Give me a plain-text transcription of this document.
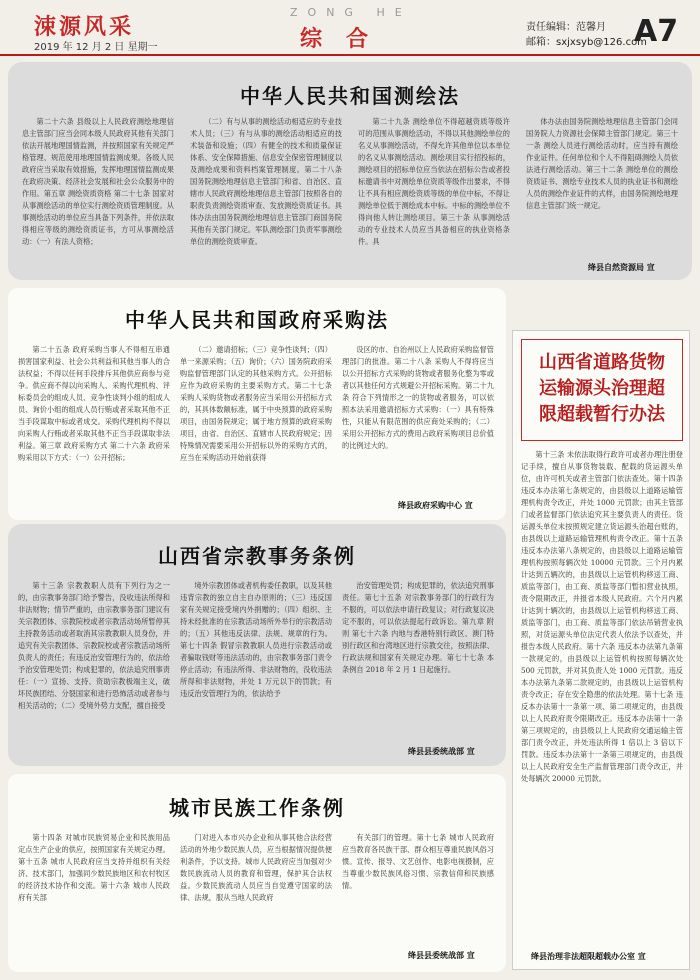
涑源风采
2019 年 12 月 2 日 星期一
ZONG HE
综合	责任编辑：范馨月
邮箱：sxjxsyb@126.com
A7
中华人民共和国测绘法

第二十六条 县级以上人民政府测绘地理信息主管部门应当会同本级人民政府其他有关部门依法开展地理国情监测，并按照国家有关规定严格管理、规范使用地理国情监测成果。各级人民政府应当采取有效措施，发挥地理国情监测成果在政府决策、经济社会发展和社会公众服务中的作用。第五章 测绘资质资格 第二十七条 国家对从事测绘活动的单位实行测绘资质管理制度。从事测绘活动的单位应当具备下列条件，并依法取得相应等级的测绘资质证书，方可从事测绘活动：（一）有法人资格；

（二）有与从事的测绘活动相适应的专业技术人员；（三）有与从事的测绘活动相适应的技术装备和设施；（四）有健全的技术和质量保证体系、安全保障措施、信息安全保密管理制度以及测绘成果和资料档案管理制度。第二十八条 国务院测绘地理信息主管部门和省、自治区、直辖市人民政府测绘地理信息主管部门按照各自的职责负责测绘资质审查、发放测绘资质证书。具体办法由国务院测绘地理信息主管部门商国务院其他有关部门规定。军队测绘部门负责军事测绘单位的测绘资质审查。

第二十九条 测绘单位不得超越资质等级许可的范围从事测绘活动，不得以其他测绘单位的名义从事测绘活动，不得允许其他单位以本单位的名义从事测绘活动。测绘项目实行招投标的，测绘项目的招标单位应当依法在招标公告或者投标邀请书中对测绘单位资质等级作出要求，不得让不具有相应测绘资质等级的单位中标，不得让测绘单位低于测绘成本中标。中标的测绘单位不得向他人转让测绘项目。第三十条 从事测绘活动的专业技术人员应当具备相应的执业资格条件。具

体办法由国务院测绘地理信息主管部门会同国务院人力资源社会保障主管部门规定。第三十一条 测绘人员进行测绘活动时，应当持有测绘作业证件。任何单位和个人不得阻碍测绘人员依法进行测绘活动。第三十二条 测绘单位的测绘资质证书、测绘专业技术人员的执业证书和测绘人员的测绘作业证件的式样，由国务院测绘地理信息主管部门统一规定。

绛县自然资源局 宣
中华人民共和国政府采购法

第二十五条 政府采购当事人不得相互串通损害国家利益、社会公共利益和其他当事人的合法权益；不得以任何手段排斥其他供应商参与竞争。供应商不得以向采购人、采购代理机构、评标委员会的组成人员、竞争性谈判小组的组成人员、询价小组的组成人员行贿或者采取其他不正当手段谋取中标或者成交。采购代理机构不得以向采购人行贿或者采取其他不正当手段谋取非法利益。第三章 政府采购方式 第二十六条 政府采购采用以下方式：（一）公开招标；

（二）邀请招标；（三）竞争性谈判；（四）单一来源采购；（五）询价；（六）国务院政府采购监督管理部门认定的其他采购方式。公开招标应作为政府采购的主要采购方式。第二十七条 采购人采购货物或者服务应当采用公开招标方式的，其具体数额标准，属于中央预算的政府采购项目，由国务院规定；属于地方预算的政府采购项目，由省、自治区、直辖市人民政府规定；因特殊情况需要采用公开招标以外的采购方式的，应当在采购活动开始前获得

设区的市、自治州以上人民政府采购监督管理部门的批准。第二十八条 采购人不得将应当以公开招标方式采购的货物或者服务化整为零或者以其他任何方式规避公开招标采购。第二十九条 符合下列情形之一的货物或者服务，可以依照本法采用邀请招标方式采购：（一）具有特殊性，只能从有限范围的供应商处采购的；（二）采用公开招标方式的费用占政府采购项目总价值的比例过大的。

绛县政府采购中心 宣
山西省宗教事务条例

第十三条 宗教教职人员有下列行为之一的，由宗教事务部门给予警告，没收违法所得和非法财物；情节严重的，由宗教事务部门建议有关宗教团体、宗教院校或者宗教活动场所暂停其主持教务活动或者取消其宗教教职人员身份，并追究有关宗教团体、宗教院校或者宗教活动场所负责人的责任；有违反治安管理行为的，依法给予治安管理处罚；构成犯罪的，依法追究刑事责任：（一）宣扬、支持、资助宗教极端主义，破坏民族团结、分裂国家和进行恐怖活动或者参与相关活动的；（二）受境外势力支配，擅自接受

境外宗教团体或者机构委任教职，以及其他违背宗教的独立自主自办原则的；（三）违反国家有关规定接受境内外捐赠的；（四）组织、主持未经批准的在宗教活动场所外举行的宗教活动的；（五）其他违反法律、法规、规章的行为。第七十四条 假冒宗教教职人员进行宗教活动或者骗取钱财等违法活动的，由宗教事务部门责令停止活动；有违法所得、非法财物的，没收违法所得和非法财物，并处 1 万元以下的罚款；有违反治安管理行为的，依法给予

治安管理处罚；构成犯罪的，依法追究刑事责任。第七十五条 对宗教事务部门的行政行为不服的，可以依法申请行政复议；对行政复议决定不服的，可以依法提起行政诉讼。第九章 附则 第七十六条 内地与香港特别行政区、澳门特别行政区和台湾地区进行宗教交往，按照法律、行政法规和国家有关规定办理。第七十七条 本条例自 2018 年 2 月 1 日起施行。

绛县县委统战部 宣
城市民族工作条例

第十四条 对城市民族贸易企业和民族用品定点生产企业的供应，按照国家有关规定办理。第十五条 城市人民政府应当支持并组织有关经济、技术部门，加强同少数民族地区和农村牧区的经济技术协作和交流。第十六条 城市人民政府有关部

门对进入本市兴办企业和从事其他合法经营活动的外地少数民族人员，应当根据情况提供便利条件，予以支持。城市人民政府应当加强对少数民族流动人员的教育和管理，保护其合法权益。少数民族流动人员应当自觉遵守国家的法律、法规，服从当地人民政府

有关部门的管理。第十七条 城市人民政府应当教育各民族干部、群众相互尊重民族风俗习惯。宣传、报导、文艺创作、电影电视摄制，应当尊重少数民族风俗习惯、宗教信仰和民族感情。

绛县县委统战部 宣
山西省道路货物
运输源头治理超
限超载暂行办法

第十三条 未依法取得行政许可或者办理注册登记手续，擅自从事货物装载、配载的货运源头单位，由许可机关或者主管部门依法查处。第十四条 违反本办法第七条规定的，由县级以上道路运输管理机构责令改正，并处 1000 元罚款；由其主管部门或者监督部门依法追究其主要负责人的责任。货运源头单位未按照规定建立货运源头治超台账的，由县级以上道路运输管理机构责令改正。第十五条 违反本办法第八条规定的，由县级以上道路运输管理机构按照每辆次处 10000 元罚款。三个月内累计达到五辆次的，由县级以上运管机构移送工商、质监等部门，由工商、质监等部门暂扣营业执照，责令限期改正，并报省本级人民政府。六个月内累计达到十辆次的，由县级以上运管机构移送工商、质监等部门，由工商、质监等部门依法吊销营业执照，对货运源头单位法定代表人依法予以查处，并报告本级人民政府。第十六条 违反本办法第九条第一款规定的，由县级以上运管机构按照每辆次处 500 元罚款，并对其负责人处 1000 元罚款。违反本办法第九条第二款规定的，由县级以上运管机构责令改正；存在安全隐患的依法处理。第十七条 违反本办法第十一条第一项、第二项规定的，由县级以上人民政府责令限期改正。违反本办法第十一条第三项规定的，由县级以上人民政府交通运输主管部门责令改正，并处违法所得 1 倍以上 3 倍以下罚款。违反本办法第十一条第三项规定的，由县级以上人民政府安全生产监督管理部门责令改正，并处每辆次 20000 元罚款。

绛县治理非法超限超载办公室 宣
